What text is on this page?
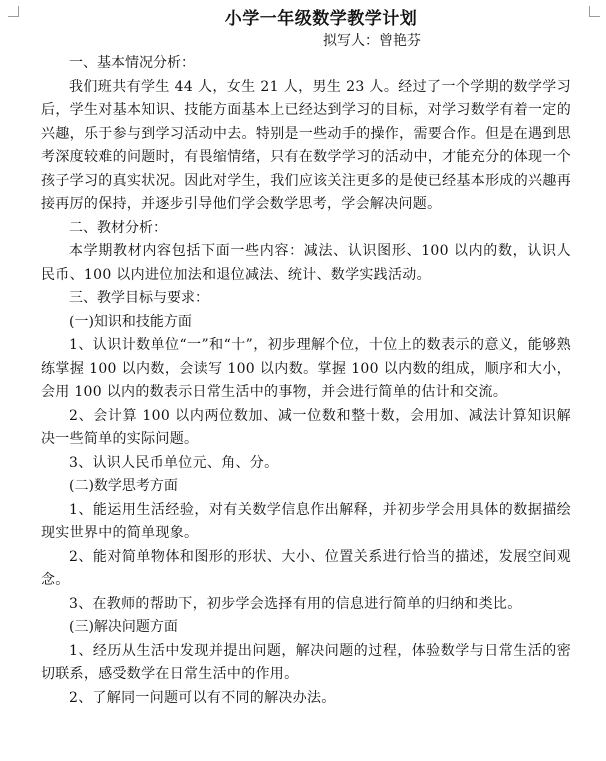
小学一年级数学教学计划
拟写人：曾艳芬
一、基本情况分析：

我们班共有学生 44 人，女生 21 人，男生 23 人。经过了一个学期的数学学习后，学生对基本知识、技能方面基本上已经达到学习的目标，对学习数学有着一定的兴趣，乐于参与到学习活动中去。特别是一些动手的操作，需要合作。但是在遇到思考深度较难的问题时，有畏缩情绪，只有在数学学习的活动中，才能充分的体现一个孩子学习的真实状况。因此对学生，我们应该关注更多的是使已经基本形成的兴趣再接再厉的保持，并逐步引导他们学会数学思考，学会解决问题。

二、教材分析：

本学期教材内容包括下面一些内容：减法、认识图形、100 以内的数，认识人民币、100 以内进位加法和退位减法、统计、数学实践活动。

三、教学目标与要求：
(一)知识和技能方面

1、认识计数单位“一”和“十”，初步理解个位，十位上的数表示的意义，能够熟练掌握 100 以内数，会读写 100 以内数。掌握 100 以内数的组成，顺序和大小，会用 100 以内的数表示日常生活中的事物，并会进行简单的估计和交流。

2、会计算 100 以内两位数加、减一位数和整十数，会用加、减法计算知识解决一些简单的实际问题。

3、认识人民币单位元、角、分。

(二)数学思考方面

1、能运用生活经验，对有关数学信息作出解释，并初步学会用具体的数据描绘现实世界中的简单现象。

2、能对简单物体和图形的形状、大小、位置关系进行恰当的描述，发展空间观念。

3、在教师的帮助下，初步学会选择有用的信息进行简单的归纳和类比。

(三)解决问题方面

1、经历从生活中发现并提出问题，解决问题的过程，体验数学与日常生活的密切联系，感受数学在日常生活中的作用。

2、了解同一问题可以有不同的解决办法。
